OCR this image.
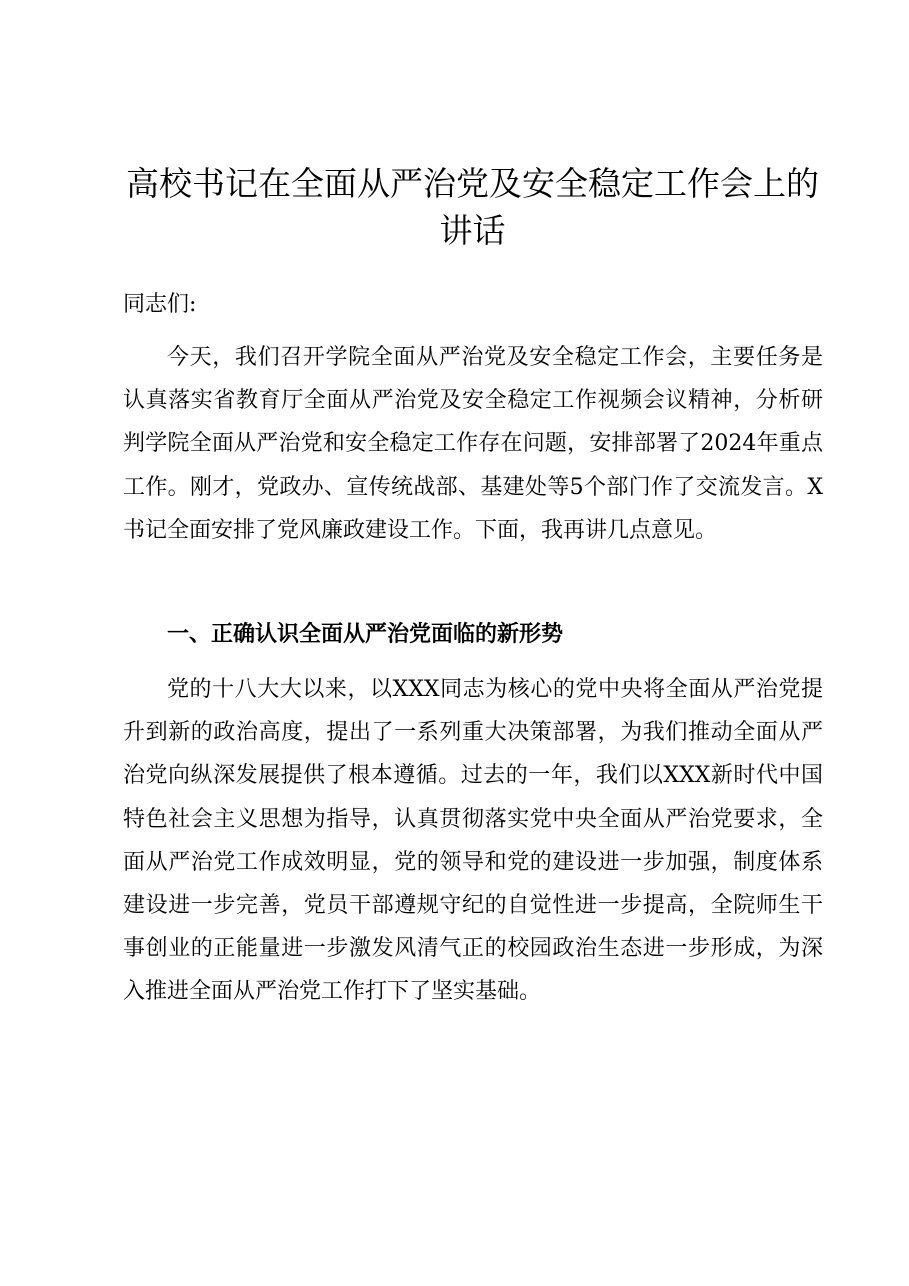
高校书记在全面从严治党及安全稳定工作会上的
讲话
同志们:

今天，我们召开学院全面从严治党及安全稳定工作会，主要任务是认真落实省教育厅全面从严治党及安全稳定工作视频会议精神，分析研判学院全面从严治党和安全稳定工作存在问题，安排部署了2024年重点工作。刚才，党政办、宣传统战部、基建处等5个部门作了交流发言。X书记全面安排了党风廉政建设工作。下面，我再讲几点意见。

一、正确认识全面从严治党面临的新形势

党的十八大大以来，以XXX同志为核心的党中央将全面从严治党提升到新的政治高度，提出了一系列重大决策部署，为我们推动全面从严治党向纵深发展提供了根本遵循。过去的一年，我们以XXX新时代中国特色社会主义思想为指导，认真贯彻落实党中央全面从严治党要求，全面从严治党工作成效明显，党的领导和党的建设进一步加强，制度体系建设进一步完善，党员干部遵规守纪的自觉性进一步提高，全院师生干事创业的正能量进一步激发风清气正的校园政治生态进一步形成，为深入推进全面从严治党工作打下了坚实基础。
